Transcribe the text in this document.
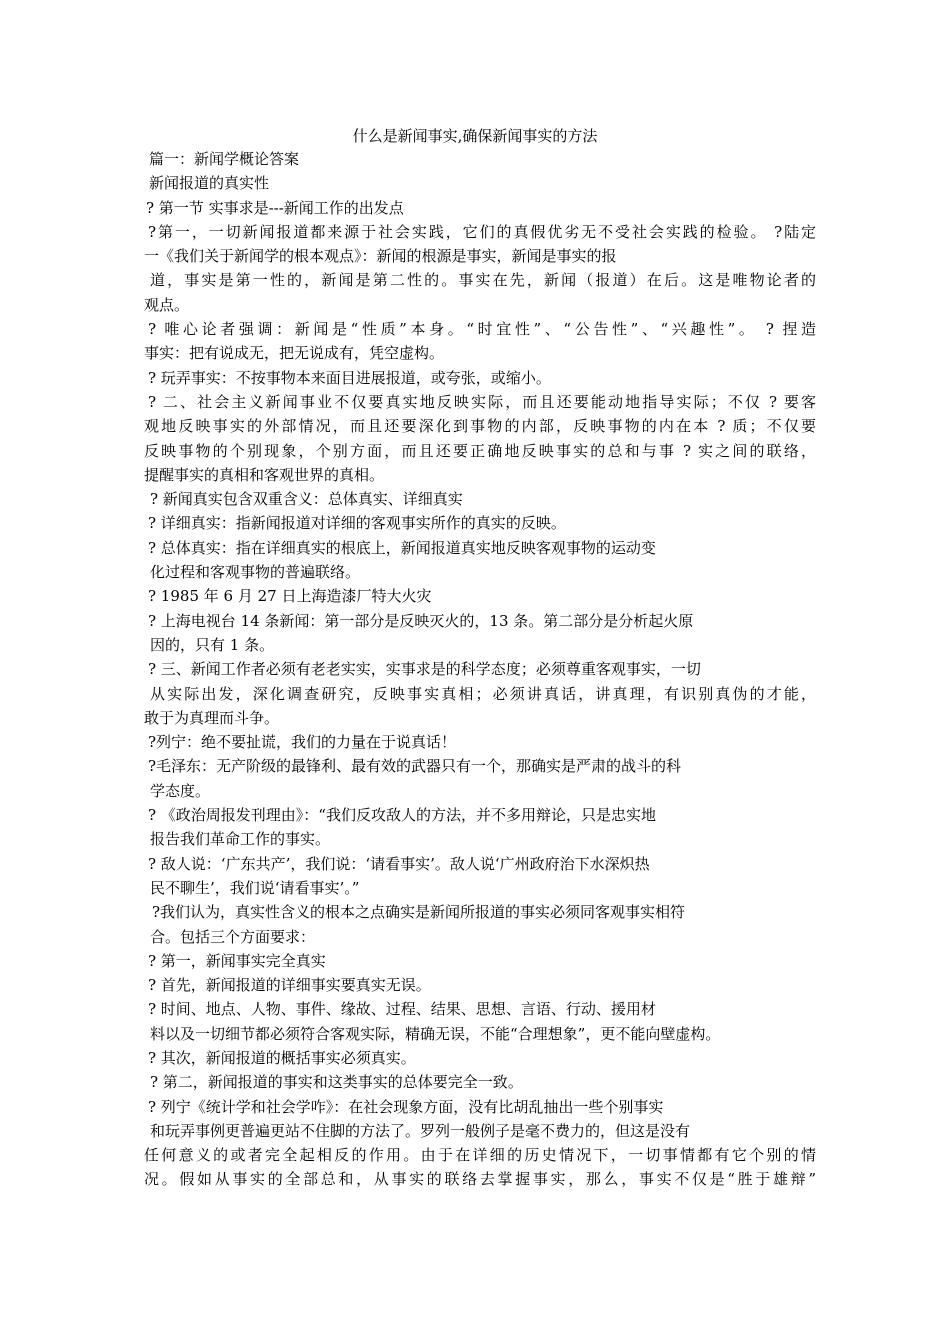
什么是新闻事实,确保新闻事实的方法
篇一：新闻学概论答案
新闻报道的真实性
? 第一节 实事求是---新闻工作的出发点
?第一，一切新闻报道都来源于社会实践，它们的真假优劣无不受社会实践的检验。 ?陆定
一《我们关于新闻学的根本观点》：新闻的根源是事实，新闻是事实的报
道，事实是第一性的，新闻是第二性的。事实在先，新闻（报道）在后。这是唯物论者的
观点。
? 唯心论者强调：新闻是“性质”本身。“时宜性”、“公告性”、“兴趣性”。 ? 捏造
事实：把有说成无，把无说成有，凭空虚构。
? 玩弄事实：不按事物本来面目进展报道，或夸张，或缩小。
? 二、社会主义新闻事业不仅要真实地反映实际，而且还要能动地指导实际；不仅 ? 要客
观地反映事实的外部情况，而且还要深化到事物的内部，反映事物的内在本 ? 质；不仅要
反映事物的个别现象，个别方面，而且还要正确地反映事实的总和与事 ? 实之间的联络，
提醒事实的真相和客观世界的真相。
? 新闻真实包含双重含义：总体真实、详细真实
? 详细真实：指新闻报道对详细的客观事实所作的真实的反映。
? 总体真实：指在详细真实的根底上，新闻报道真实地反映客观事物的运动变
化过程和客观事物的普遍联络。
? 1985 年 6 月 27 日上海造漆厂特大火灾
? 上海电视台 14 条新闻：第一部分是反映灭火的，13 条。第二部分是分析起火原
因的，只有 1 条。
? 三、新闻工作者必须有老老实实，实事求是的科学态度；必须尊重客观事实，一切
从实际出发，深化调查研究，反映事实真相；必须讲真话，讲真理，有识别真伪的才能，
敢于为真理而斗争。
?列宁：绝不要扯谎，我们的力量在于说真话！
?毛泽东：无产阶级的最锋利、最有效的武器只有一个，那确实是严肃的战斗的科
学态度。
? 《政治周报发刊理由》：“我们反攻敌人的方法，并不多用辩论，只是忠实地
报告我们革命工作的事实。
? 敌人说：‘广东共产’，我们说：‘请看事实’。敌人说‘广州政府治下水深炽热
民不聊生’，我们说‘请看事实’。”
?我们认为，真实性含义的根本之点确实是新闻所报道的事实必须同客观事实相符
合。包括三个方面要求：
? 第一，新闻事实完全真实
? 首先，新闻报道的详细事实要真实无误。
? 时间、地点、人物、事件、缘故、过程、结果、思想、言语、行动、援用材
料以及一切细节都必须符合客观实际，精确无误，不能“合理想象”，更不能向壁虚构。
? 其次，新闻报道的概括事实必须真实。
? 第二，新闻报道的事实和这类事实的总体要完全一致。
? 列宁《统计学和社会学咋》：在社会现象方面，没有比胡乱抽出一些个别事实
和玩弄事例更普遍更站不住脚的方法了。罗列一般例子是毫不费力的，但这是没有
任何意义的或者完全起相反的作用。由于在详细的历史情况下，一切事情都有它个别的情
况。假如从事实的全部总和，从事实的联络去掌握事实，那么，事实不仅是“胜于雄辩”
